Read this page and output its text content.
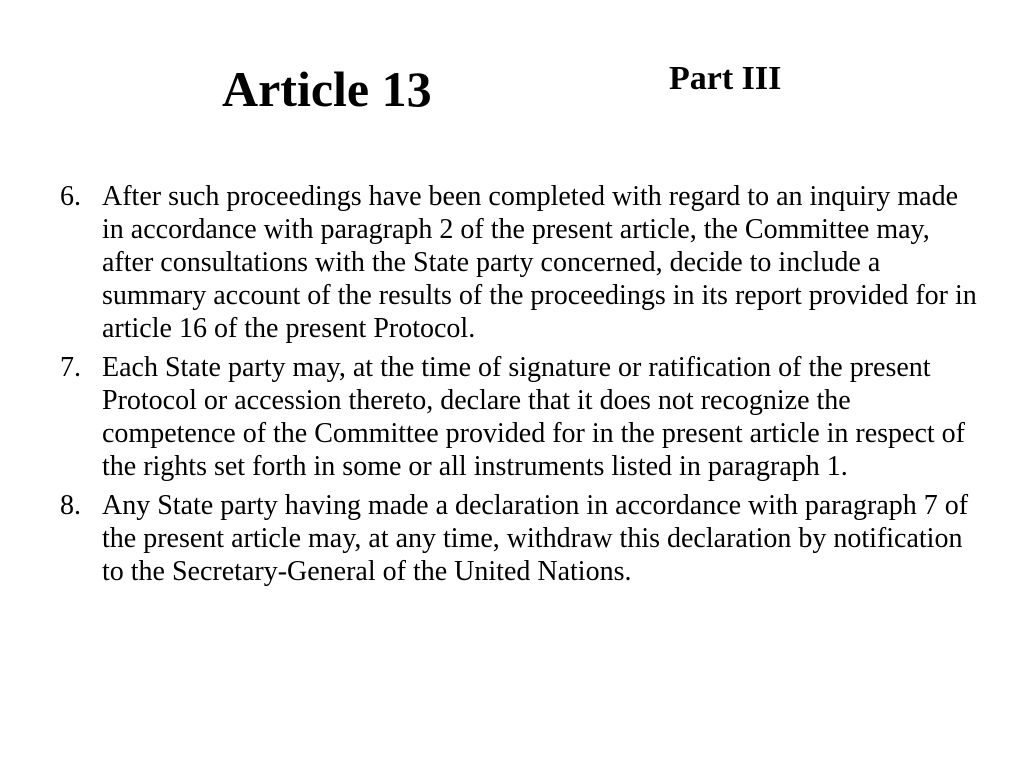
Article 13	Part III
6. After such proceedings have been completed with regard to an inquiry made in accordance with paragraph 2 of the present article, the Committee may, after consultations with the State party concerned, decide to include a summary account of the results of the proceedings in its report provided for in article 16 of the present Protocol.
7. Each State party may, at the time of signature or ratification of the present Protocol or accession thereto, declare that it does not recognize the competence of the Committee provided for in the present article in respect of the rights set forth in some or all instruments listed in paragraph 1.
8. Any State party having made a declaration in accordance with paragraph 7 of the present article may, at any time, withdraw this declaration by notification to the Secretary-General of the United Nations.
